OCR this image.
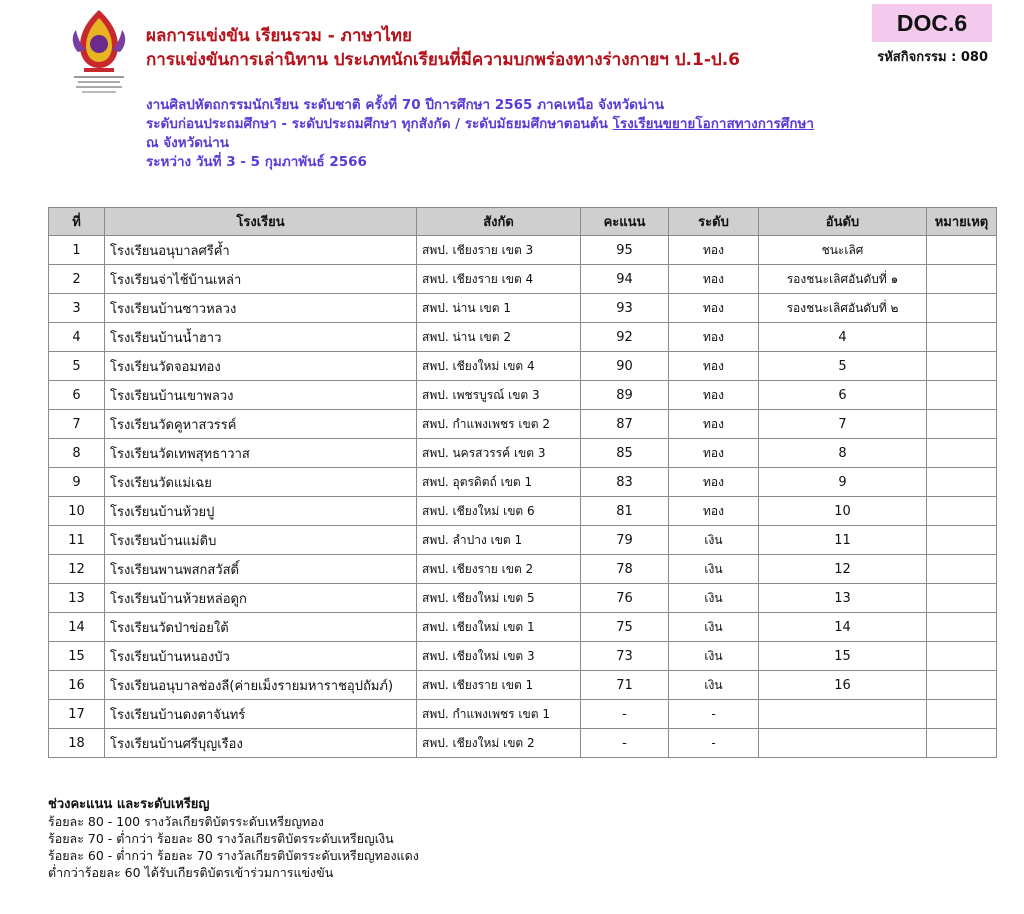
ผลการแข่งขัน เรียนรวม - ภาษาไทย
การแข่งขันการเล่านิทาน ประเภทนักเรียนที่มีความบกพร่องทางร่างกายฯ ป.1-ป.6
DOC.6
รหัสกิจกรรม : 080
งานศิลปหัตถกรรมนักเรียน ระดับชาติ ครั้งที่ 70 ปีการศึกษา 2565 ภาคเหนือ จังหวัดน่าน
ระดับก่อนประถมศึกษา - ระดับประถมศึกษา ทุกสังกัด / ระดับมัธยมศึกษาตอนต้น โรงเรียนขยายโอกาสทางการศึกษา
ณ จังหวัดน่าน
ระหว่าง วันที่ 3 - 5 กุมภาพันธ์ 2566
ที่	โรงเรียน	สังกัด	คะแนน	ระดับ	อันดับ	หมายเหตุ
1	โรงเรียนอนุบาลศรีค้ำ	สพป. เชียงราย เขต 3	95	ทอง	ชนะเลิศ	
2	โรงเรียนจ่าไช้บ้านเหล่า	สพป. เชียงราย เขต 4	94	ทอง	รองชนะเลิศอันดับที่ ๑	
3	โรงเรียนบ้านซาวหลวง	สพป. น่าน เขต 1	93	ทอง	รองชนะเลิศอันดับที่ ๒	
4	โรงเรียนบ้านน้ำฮาว	สพป. น่าน เขต 2	92	ทอง	4	
5	โรงเรียนวัดจอมทอง	สพป. เชียงใหม่ เขต 4	90	ทอง	5	
6	โรงเรียนบ้านเขาพลวง	สพป. เพชรบูรณ์ เขต 3	89	ทอง	6	
7	โรงเรียนวัดคูหาสวรรค์	สพป. กำแพงเพชร เขต 2	87	ทอง	7	
8	โรงเรียนวัดเทพสุทธาวาส	สพป. นครสวรรค์ เขต 3	85	ทอง	8	
9	โรงเรียนวัดแม่เฉย	สพป. อุตรดิตถ์ เขต 1	83	ทอง	9	
10	โรงเรียนบ้านห้วยปู	สพป. เชียงใหม่ เขต 6	81	ทอง	10	
11	โรงเรียนบ้านแม่ดิบ	สพป. ลำปาง เขต 1	79	เงิน	11	
12	โรงเรียนพานพสกสวัสดิ์	สพป. เชียงราย เขต 2	78	เงิน	12	
13	โรงเรียนบ้านห้วยหล่อดูก	สพป. เชียงใหม่ เขต 5	76	เงิน	13	
14	โรงเรียนวัดป่าข่อยใต้	สพป. เชียงใหม่ เขต 1	75	เงิน	14	
15	โรงเรียนบ้านหนองบัว	สพป. เชียงใหม่ เขต 3	73	เงิน	15	
16	โรงเรียนอนุบาลช่องลี(ค่ายเม็งรายมหาราชอุปถัมภ์)	สพป. เชียงราย เขต 1	71	เงิน	16	
17	โรงเรียนบ้านดงตาจันทร์	สพป. กำแพงเพชร เขต 1	-	-		
18	โรงเรียนบ้านศรีบุญเรือง	สพป. เชียงใหม่ เขต 2	-	-		
ช่วงคะแนน และระดับเหรียญ
ร้อยละ 80 - 100 รางวัลเกียรติบัตรระดับเหรียญทอง
ร้อยละ 70 - ต่ำกว่า ร้อยละ 80 รางวัลเกียรติบัตรระดับเหรียญเงิน
ร้อยละ 60 - ต่ำกว่า ร้อยละ 70 รางวัลเกียรติบัตรระดับเหรียญทองแดง
ต่ำกว่าร้อยละ 60 ได้รับเกียรติบัตรเข้าร่วมการแข่งขัน
